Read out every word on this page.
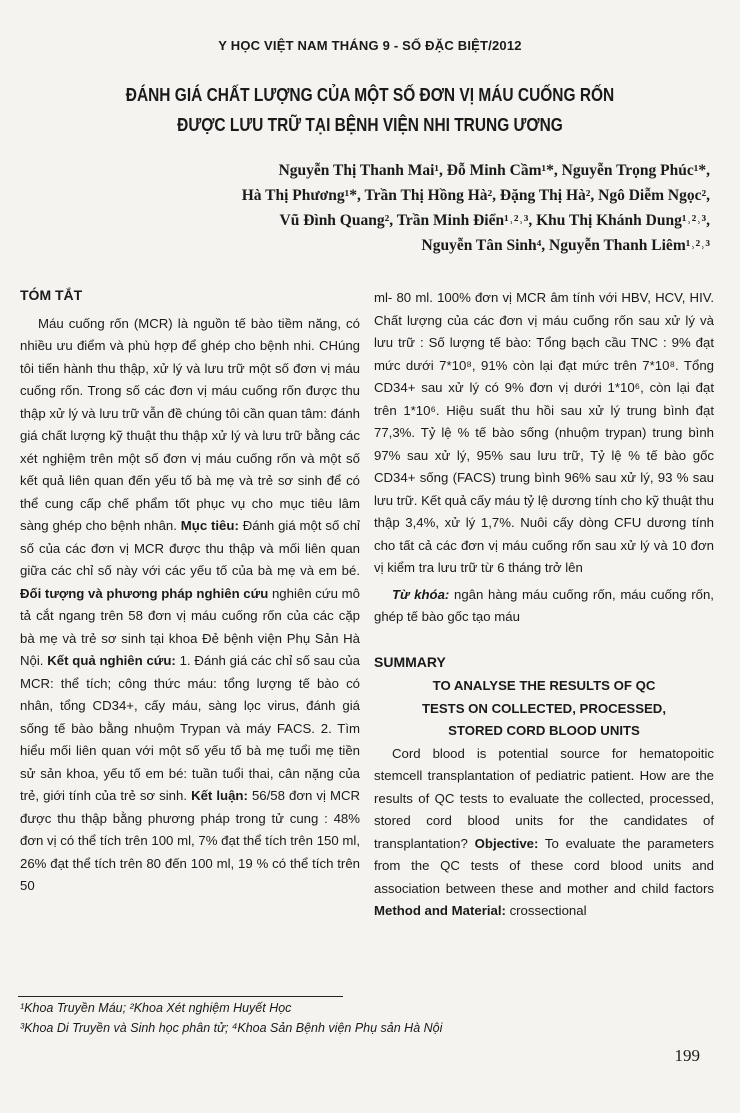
Y HỌC VIỆT NAM THÁNG 9 - SỐ ĐẶC BIỆT/2012
ĐÁNH GIÁ CHẤT LƯỢNG CỦA MỘT SỐ ĐƠN VỊ MÁU CUỐNG RỐN
ĐƯỢC LƯU TRỮ TẠI BỆNH VIỆN NHI TRUNG ƯƠNG
Nguyễn Thị Thanh Mai¹, Đỗ Minh Cầm¹*, Nguyễn Trọng Phúc¹*,
Hà Thị Phương¹*, Trần Thị Hồng Hà², Đặng Thị Hà², Ngô Diễm Ngọc²,
Vũ Đình Quang², Trần Minh Điển¹˒²˒³, Khu Thị Khánh Dung¹˒²˒³,
Nguyễn Tân Sinh⁴, Nguyễn Thanh Liêm¹˒²˒³

TÓM TẮT

Máu cuống rốn (MCR) là nguồn tế bào tiềm năng, có nhiều ưu điểm và phù hợp để ghép cho bệnh nhi. CHúng tôi tiến hành thu thập, xử lý và lưu trữ một số đơn vị máu cuống rốn. Trong số các đơn vị máu cuống rốn được thu thập xử lý và lưu trữ vẫn đề chúng tôi cần quan tâm: đánh giá chất lượng kỹ thuật thu thập xử lý và lưu trữ bằng các xét nghiệm trên một số đơn vị máu cuống rốn và một số kết quả liên quan đến yếu tố bà mẹ và trẻ sơ sinh để có thể cung cấp chế phẩm tốt phục vụ cho mục tiêu lâm sàng ghép cho bệnh nhân. Mục tiêu: Đánh giá một số chỉ số của các đơn vị MCR được thu thập và mối liên quan giữa các chỉ số này với các yếu tố của bà mẹ và em bé. Đối tượng và phương pháp nghiên cứu nghiên cứu mô tả cắt ngang trên 58 đơn vị máu cuống rốn của các cặp bà mẹ và trẻ sơ sinh tại khoa Đẻ bệnh viện Phụ Sản Hà Nội. Kết quả nghiên cứu: 1. Đánh giá các chỉ số sau của MCR: thể tích; công thức máu: tổng lượng tế bào có nhân, tổng CD34+, cấy máu, sàng lọc virus, đánh giá sống tế bào bằng nhuộm Trypan và máy FACS. 2. Tìm hiểu mối liên quan với một số yếu tố bà mẹ tuổi mẹ tiền sử sản khoa, yếu tố em bé: tuần tuổi thai, cân nặng của trẻ, giới tính của trẻ sơ sinh. Kết luận: 56/58 đơn vị MCR được thu thập bằng phương pháp trong tử cung : 48% đơn vị có thể tích trên 100 ml, 7% đạt thể tích trên 150 ml, 26% đạt thể tích trên 80 đến 100 ml, 19 % có thể tích trên 50

ml- 80 ml. 100% đơn vị MCR âm tính với HBV, HCV, HIV. Chất lượng của các đơn vị máu cuống rốn sau xử lý và lưu trữ : Số lượng tế bào: Tổng bạch cầu TNC : 9% đạt mức dưới 7*10⁸, 91% còn lại đạt mức trên 7*10⁸. Tổng CD34+ sau xử lý có 9% đơn vị dưới 1*10⁶, còn lại đạt trên 1*10⁶. Hiệu suất thu hồi sau xử lý trung bình đạt 77,3%. Tỷ lệ % tế bào sống (nhuộm trypan) trung bình 97% sau xử lý, 95% sau lưu trữ, Tỷ lệ % tế bào gốc CD34+ sống (FACS) trung bình 96% sau xử lý, 93 % sau lưu trữ. Kết quả cấy máu tỷ lệ dương tính cho kỹ thuật thu thập 3,4%, xử lý 1,7%. Nuôi cấy dòng CFU dương tính cho tất cả các đơn vị máu cuống rốn sau xử lý và 10 đơn vị kiểm tra lưu trữ từ 6 tháng trở lên

Từ khóa: ngân hàng máu cuống rốn, máu cuống rốn, ghép tế bào gốc tạo máu

SUMMARY

TO ANALYSE THE RESULTS OF QC TESTS ON COLLECTED, PROCESSED, STORED CORD BLOOD UNITS

Cord blood is potential source for hematopoitic stemcell transplantation of pediatric patient. How are the results of QC tests to evaluate the collected, processed, stored cord blood units for the candidates of transplantation? Objective: To evaluate the parameters from the QC tests of these cord blood units and association between these and mother and child factors Method and Material: crossectional

¹Khoa Truyền Máu; ²Khoa Xét nghiệm Huyết Học
³Khoa Di Truyền và Sinh học phân tử; ⁴Khoa Sản Bệnh viện Phụ sản Hà Nội
199
